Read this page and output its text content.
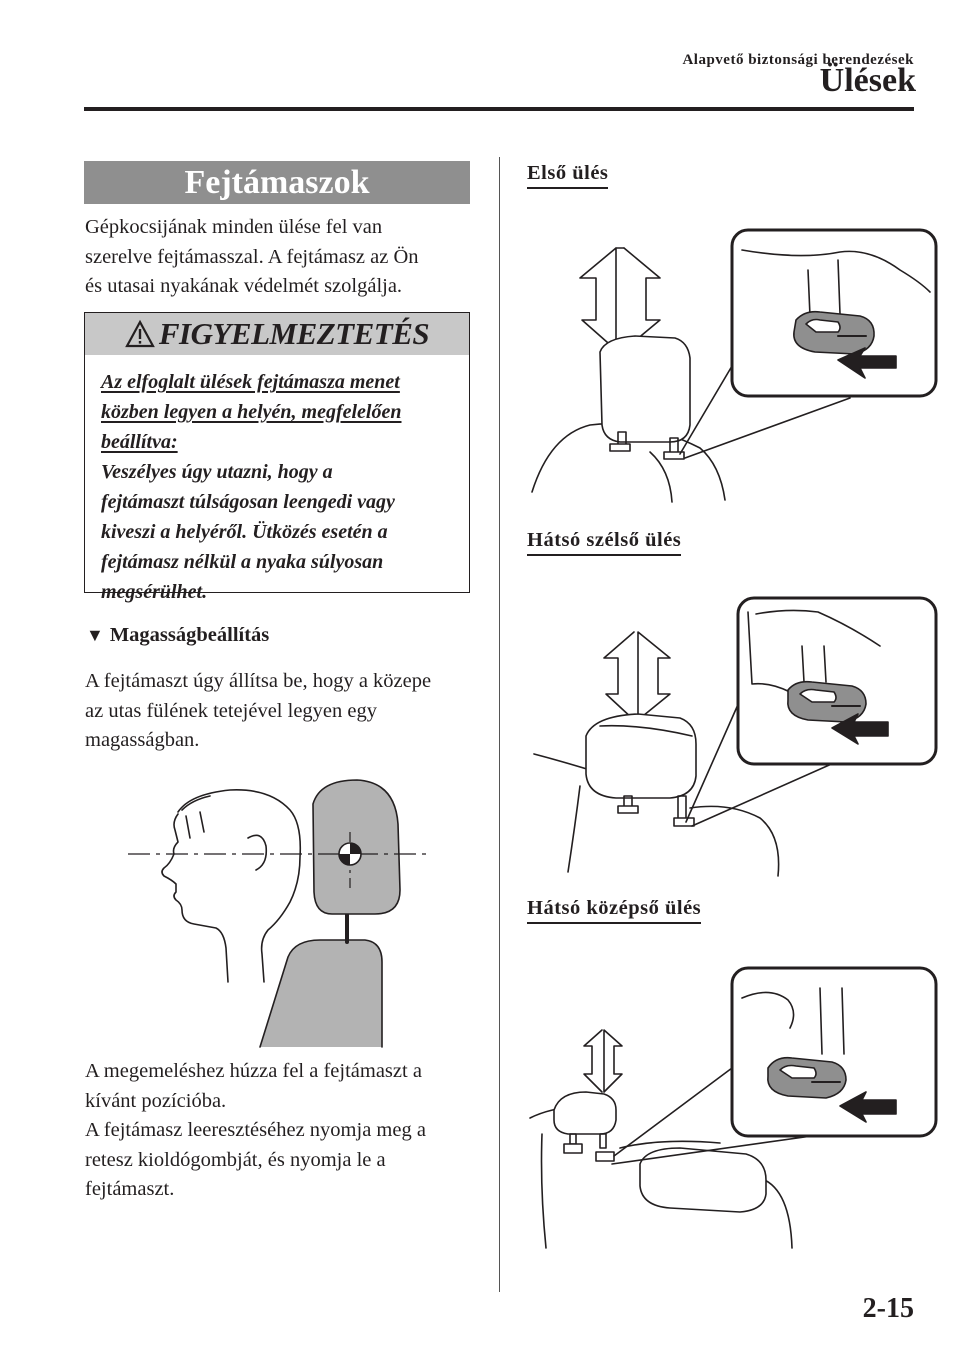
Alapvető biztonsági berendezések
Ülések
Fejtámaszok
Gépkocsijának minden ülése fel van
szerelve fejtámasszal. A fejtámasz az Ön
és utasai nyakának védelmét szolgálja.
FIGYELMEZTETÉS
Az elfoglalt ülések fejtámasza menet
közben legyen a helyén, megfelelően
beállítva:
Veszélyes úgy utazni, hogy a
fejtámaszt túlságosan leengedi vagy
kiveszi a helyéről. Ütközés esetén a
fejtámasz nélkül a nyaka súlyosan
megsérülhet.
▼ Magasságbeállítás
A fejtámaszt úgy állítsa be, hogy a közepe
az utas fülének tetejével legyen egy
magasságban.
A megemeléshez húzza fel a fejtámaszt a
kívánt pozícióba.
A fejtámasz leeresztéséhez nyomja meg a
retesz kioldógombját, és nyomja le a
fejtámaszt.
Első ülés
Hátsó szélső ülés
Hátsó középső ülés
2-15
